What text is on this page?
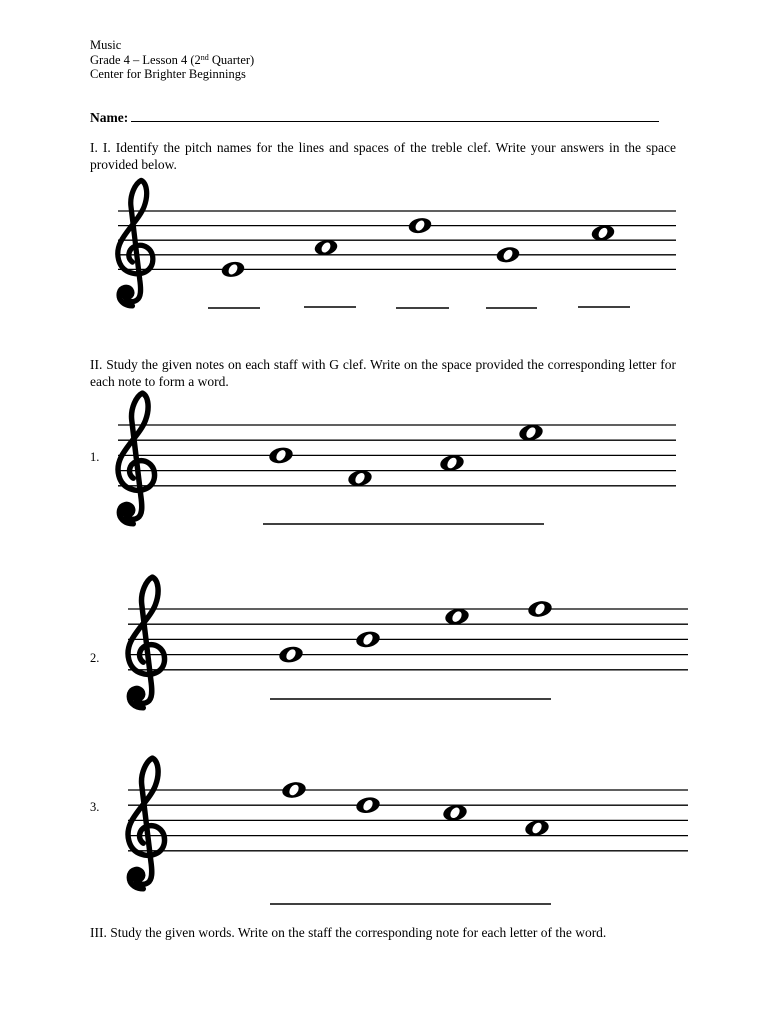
Music
Grade 4 – Lesson 4 (2nd Quarter)
Center for Brighter Beginnings
Name:
I. I. Identify the pitch names for the lines and spaces of the treble clef. Write your answers in the space provided below.
II. Study the given notes on each staff with G clef. Write on the space provided the corresponding letter for each note to form a word.
1.
2.
3.
III. Study the given words. Write on the staff the corresponding note for each letter of the word.
